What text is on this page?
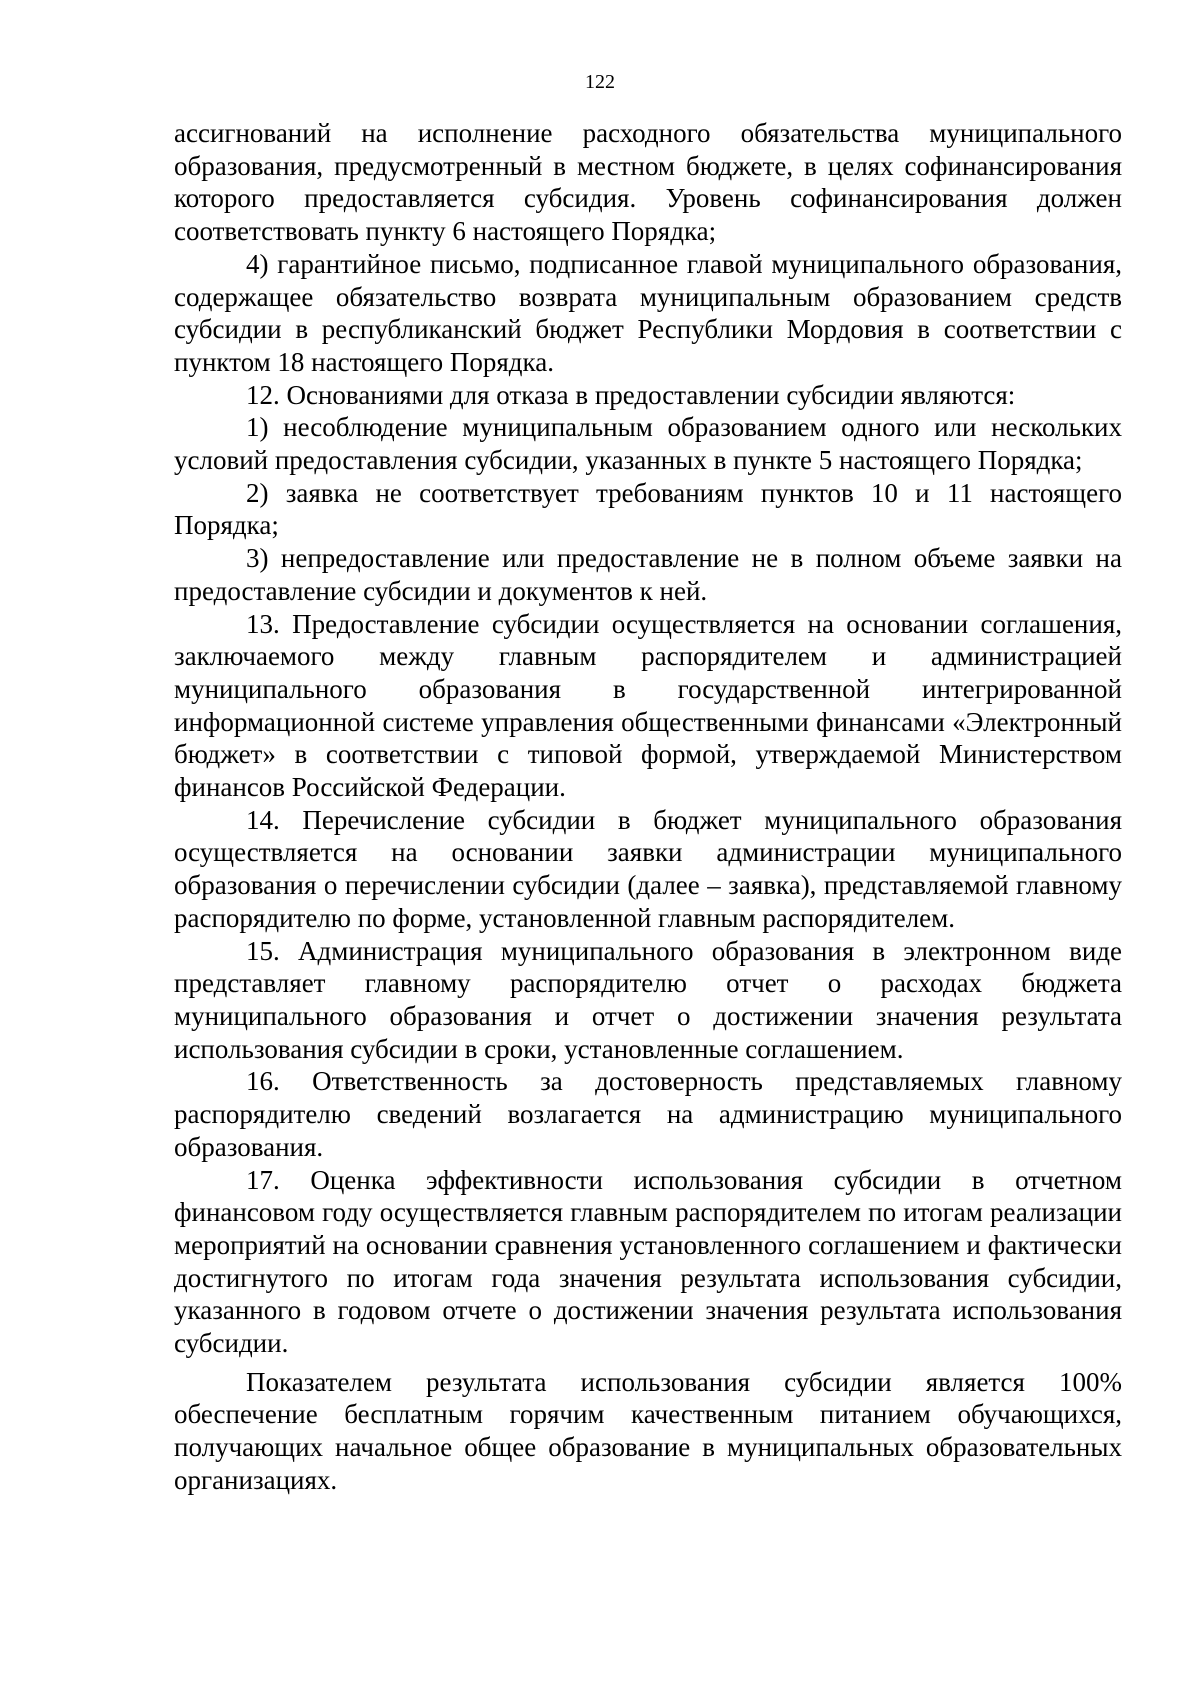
122

ассигнований на исполнение расходного обязательства муниципального образования, предусмотренный в местном бюджете, в целях софинансирования которого предоставляется субсидия. Уровень софинансирования должен соответствовать пункту 6 настоящего Порядка;

4) гарантийное письмо, подписанное главой муниципального образования, содержащее обязательство возврата муниципальным образованием средств субсидии в республиканский бюджет Республики Мордовия в соответствии с пунктом 18 настоящего Порядка.

12. Основаниями для отказа в предоставлении субсидии являются:

1) несоблюдение муниципальным образованием одного или нескольких условий предоставления субсидии, указанных в пункте 5 настоящего Порядка;

2) заявка не соответствует требованиям пунктов 10 и 11 настоящего Порядка;

3) непредоставление или предоставление не в полном объеме заявки на предоставление субсидии и документов к ней.

13. Предоставление субсидии осуществляется на основании соглашения, заключаемого между главным распорядителем и администрацией муниципального образования в государственной интегрированной информационной системе управления общественными финансами «Электронный бюджет» в соответствии с типовой формой, утверждаемой Министерством финансов Российской Федерации.

14. Перечисление субсидии в бюджет муниципального образования осуществляется на основании заявки администрации муниципального образования о перечислении субсидии (далее – заявка), представляемой главному распорядителю по форме, установленной главным распорядителем.

15. Администрация муниципального образования в электронном виде представляет главному распорядителю отчет о расходах бюджета муниципального образования и отчет о достижении значения результата использования субсидии в сроки, установленные соглашением.

16. Ответственность за достоверность представляемых главному распорядителю сведений возлагается на администрацию муниципального образования.

17. Оценка эффективности использования субсидии в отчетном финансовом году осуществляется главным распорядителем по итогам реализации мероприятий на основании сравнения установленного соглашением и фактически достигнутого по итогам года значения результата использования субсидии, указанного в годовом отчете о достижении значения результата использования субсидии.

Показателем результата использования субсидии является 100% обеспечение бесплатным горячим качественным питанием обучающихся, получающих начальное общее образование в муниципальных образовательных организациях.
